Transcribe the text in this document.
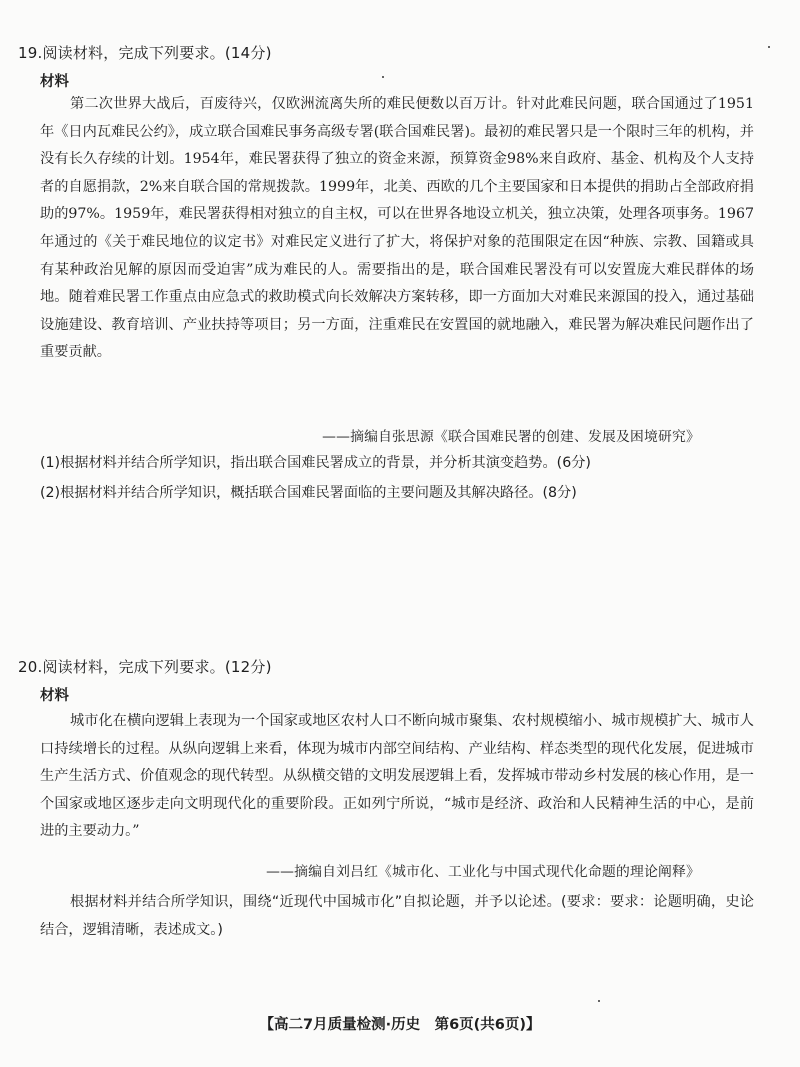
19.阅读材料，完成下列要求。(14分)
材料
第二次世界大战后，百废待兴，仅欧洲流离失所的难民便数以百万计。针对此难民问题，联合国通过了1951年《日内瓦难民公约》，成立联合国难民事务高级专署(联合国难民署)。最初的难民署只是一个限时三年的机构，并没有长久存续的计划。1954年，难民署获得了独立的资金来源，预算资金98%来自政府、基金、机构及个人支持者的自愿捐款，2%来自联合国的常规拨款。1999年，北美、西欧的几个主要国家和日本提供的捐助占全部政府捐助的97%。1959年，难民署获得相对独立的自主权，可以在世界各地设立机关，独立决策，处理各项事务。1967年通过的《关于难民地位的议定书》对难民定义进行了扩大，将保护对象的范围限定在因“种族、宗教、国籍或具有某种政治见解的原因而受迫害”成为难民的人。需要指出的是，联合国难民署没有可以安置庞大难民群体的场地。随着难民署工作重点由应急式的救助模式向长效解决方案转移，即一方面加大对难民来源国的投入，通过基础设施建设、教育培训、产业扶持等项目；另一方面，注重难民在安置国的就地融入，难民署为解决难民问题作出了重要贡献。
——摘编自张思源《联合国难民署的创建、发展及困境研究》
(1)根据材料并结合所学知识，指出联合国难民署成立的背景，并分析其演变趋势。(6分)
(2)根据材料并结合所学知识，概括联合国难民署面临的主要问题及其解决路径。(8分)
20.阅读材料，完成下列要求。(12分)
材料
城市化在横向逻辑上表现为一个国家或地区农村人口不断向城市聚集、农村规模缩小、城市规模扩大、城市人口持续增长的过程。从纵向逻辑上来看，体现为城市内部空间结构、产业结构、样态类型的现代化发展，促进城市生产生活方式、价值观念的现代转型。从纵横交错的文明发展逻辑上看，发挥城市带动乡村发展的核心作用，是一个国家或地区逐步走向文明现代化的重要阶段。正如列宁所说，“城市是经济、政治和人民精神生活的中心，是前进的主要动力。”
——摘编自刘吕红《城市化、工业化与中国式现代化命题的理论阐释》
根据材料并结合所学知识，围绕“近现代中国城市化”自拟论题，并予以论述。(要求：要求：论题明确，史论结合，逻辑清晰，表述成文。)
【高二7月质量检测·历史　第6页(共6页)】
